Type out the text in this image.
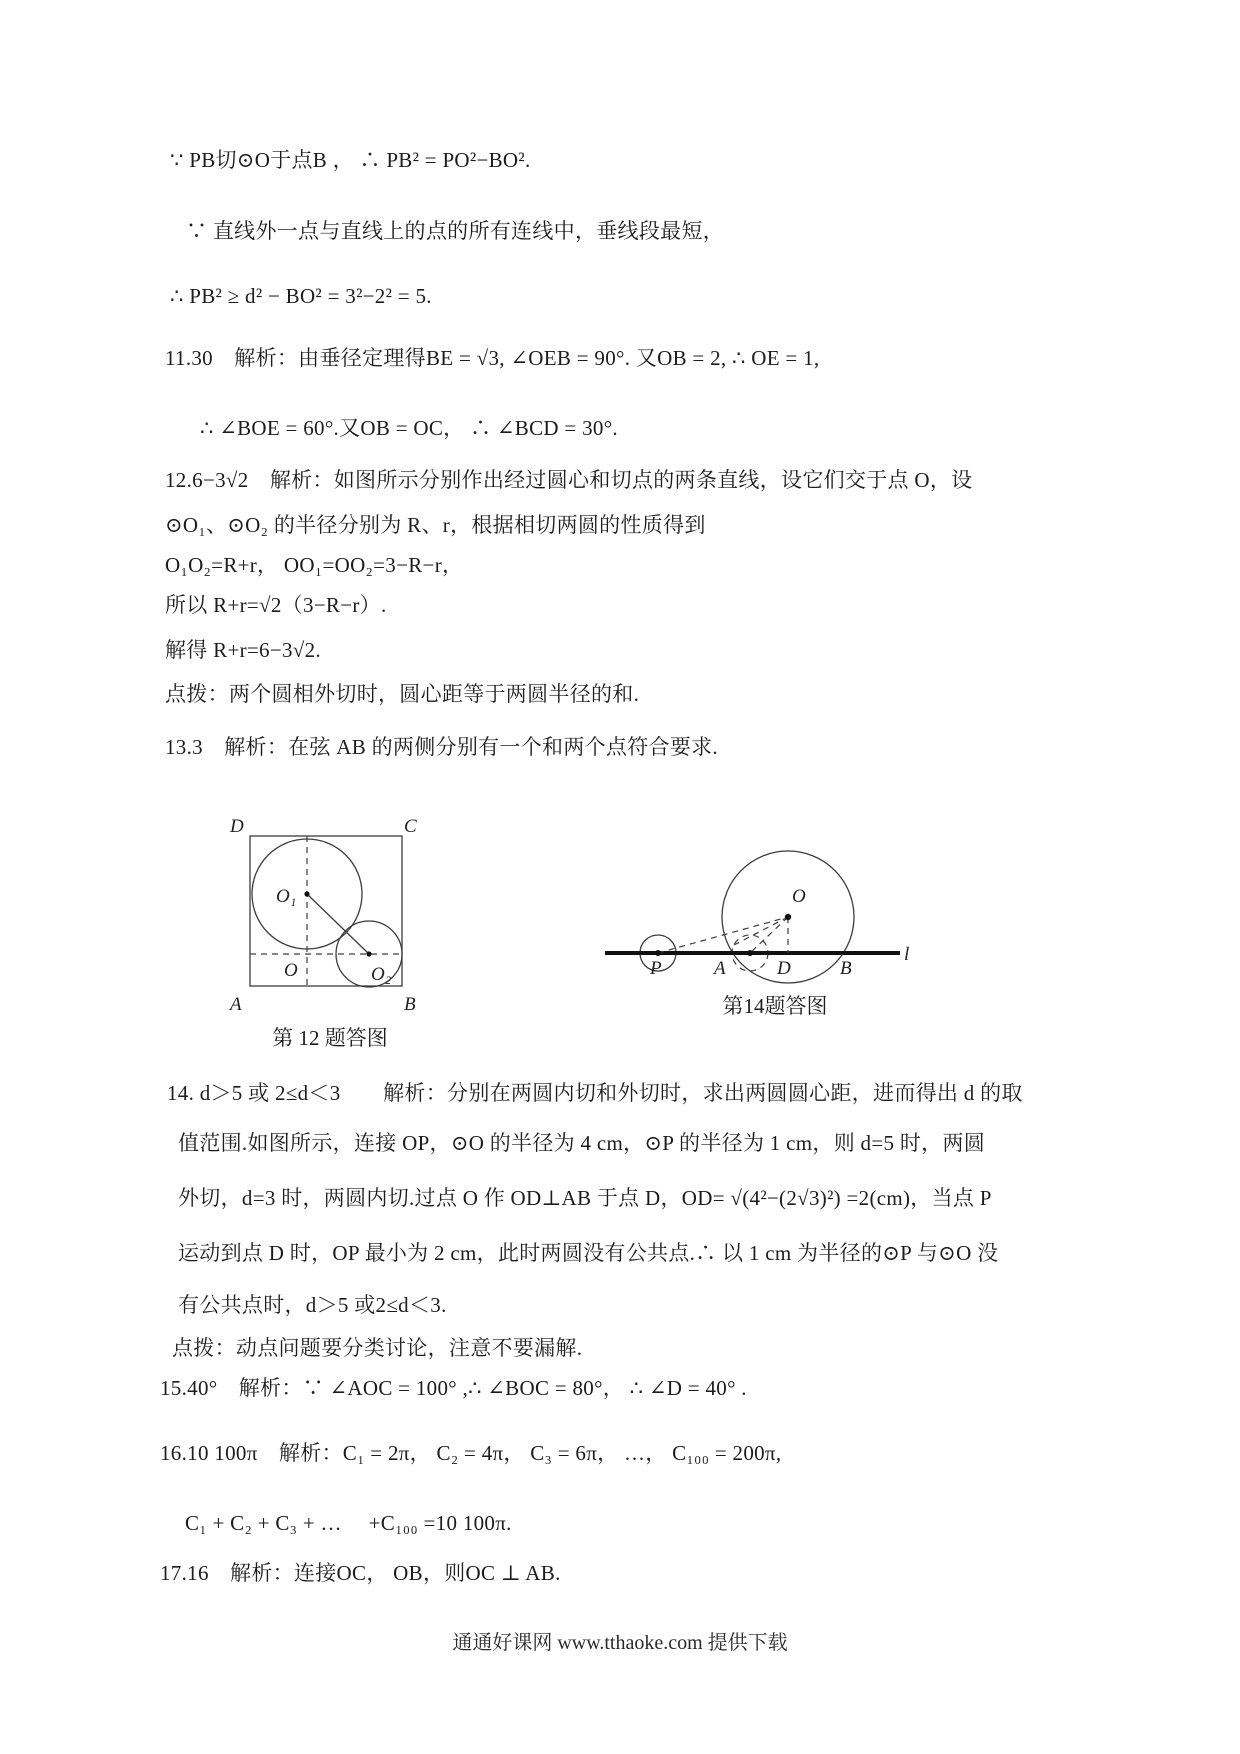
∵ PB切⊙O于点B ， ∴ PB² = PO²−BO².
∵ 直线外一点与直线上的点的所有连线中，垂线段最短，
∴ PB² ≥ d² − BO² = 3²−2² = 5.
11.30　解析：由垂径定理得BE = √3, ∠OEB = 90°. 又OB = 2, ∴ OE = 1,
∴ ∠BOE = 60°.又OB = OC， ∴ ∠BCD = 30°.
12.6−3√2　解析：如图所示分别作出经过圆心和切点的两条直线，设它们交于点 O，设
⊙O₁、⊙O₂ 的半径分别为 R、r，根据相切两圆的性质得到
O₁O₂=R+r， OO₁=OO₂=3−R−r，
所以 R+r=√2（3−R−r）.
解得 R+r=6−3√2.
点拨：两个圆相外切时，圆心距等于两圆半径的和.
13.3　解析：在弦 AB 的两侧分别有一个和两个点符合要求.
14. d＞5 或 2≤d＜3　　解析：分别在两圆内切和外切时，求出两圆圆心距，进而得出 d 的取
值范围.如图所示，连接 OP，⊙O 的半径为 4 cm，⊙P 的半径为 1 cm，则 d=5 时，两圆
外切，d=3 时，两圆内切.过点 O 作 OD⊥AB 于点 D，OD= √(4²−(2√3)²) =2(cm)，当点 P
运动到点 D 时，OP 最小为 2 cm，此时两圆没有公共点.∴ 以 1 cm 为半径的⊙P 与⊙O 没
有公共点时，d＞5 或2≤d＜3.
点拨：动点问题要分类讨论，注意不要漏解.
15.40°　解析：∵ ∠AOC = 100° ,∴ ∠BOC = 80°， ∴ ∠D = 40° .
16.10 100π　解析：C₁ = 2π， C₂ = 4π， C₃ = 6π， …， C₁₀₀ = 200π,
C₁ + C₂ + C₃ + …　 +C₁₀₀ =10 100π.
17.16　解析：连接OC， OB，则OC ⊥ AB.
D	C
A	B
O₁
O₂
O
第 12 题答图
O
P	A	D	B
l
第14题答图
通通好课网 www.tthaoke.com 提供下载
